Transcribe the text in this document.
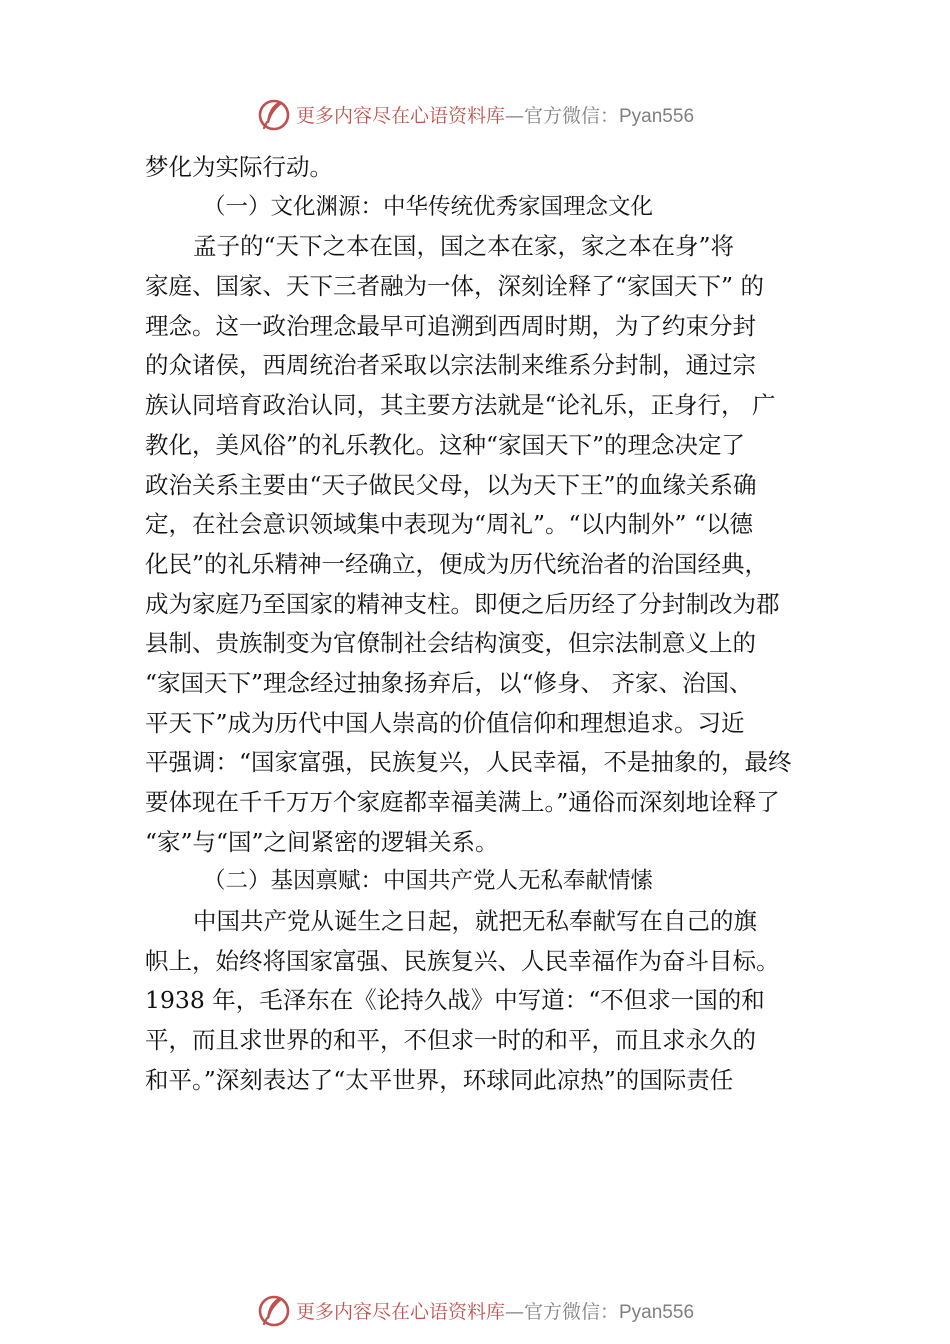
更多内容尽在心语资料库—官方微信：Pyan556
梦化为实际行动。
（一）文化渊源：中华传统优秀家国理念文化
孟子的“天下之本在国，国之本在家，家之本在身”将
家庭、国家、天下三者融为一体，深刻诠释了“家国天下” 的
理念。这一政治理念最早可追溯到西周时期，为了约束分封
的众诸侯，西周统治者采取以宗法制来维系分封制，通过宗
族认同培育政治认同，其主要方法就是“论礼乐，正身行， 广
教化，美风俗”的礼乐教化。这种“家国天下”的理念决定了
政治关系主要由“天子做民父母，以为天下王”的血缘关系确
定，在社会意识领域集中表现为“周礼”。“以内制外” “以德
化民”的礼乐精神一经确立，便成为历代统治者的治国经典，
成为家庭乃至国家的精神支柱。即便之后历经了分封制改为郡
县制、贵族制变为官僚制社会结构演变，但宗法制意义上的
“家国天下”理念经过抽象扬弃后，以“修身、 齐家、治国、
平天下”成为历代中国人崇高的价值信仰和理想追求。习近
平强调：“国家富强，民族复兴，人民幸福，不是抽象的，最终
要体现在千千万万个家庭都幸福美满上。”通俗而深刻地诠释了
“家”与“国”之间紧密的逻辑关系。
（二）基因禀赋：中国共产党人无私奉献情愫
中国共产党从诞生之日起，就把无私奉献写在自己的旗
帜上，始终将国家富强、民族复兴、人民幸福作为奋斗目标。
1938 年，毛泽东在《论持久战》中写道：“不但求一国的和
平，而且求世界的和平，不但求一时的和平，而且求永久的
和平。”深刻表达了“太平世界，环球同此凉热”的国际责任
更多内容尽在心语资料库—官方微信：Pyan556
